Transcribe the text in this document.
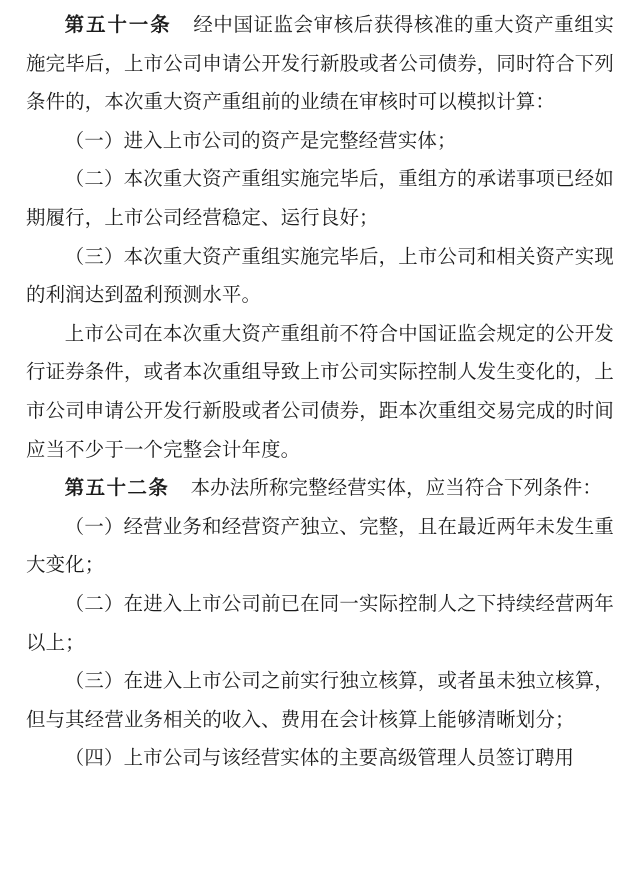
第五十一条 经中国证监会审核后获得核准的重大资产重组实施完毕后，上市公司申请公开发行新股或者公司债券，同时符合下列条件的，本次重大资产重组前的业绩在审核时可以模拟计算：

（一）进入上市公司的资产是完整经营实体；

（二）本次重大资产重组实施完毕后，重组方的承诺事项已经如期履行，上市公司经营稳定、运行良好；

（三）本次重大资产重组实施完毕后，上市公司和相关资产实现的利润达到盈利预测水平。

上市公司在本次重大资产重组前不符合中国证监会规定的公开发行证券条件，或者本次重组导致上市公司实际控制人发生变化的，上市公司申请公开发行新股或者公司债券，距本次重组交易完成的时间应当不少于一个完整会计年度。

第五十二条 本办法所称完整经营实体，应当符合下列条件：

（一）经营业务和经营资产独立、完整，且在最近两年未发生重大变化；

（二）在进入上市公司前已在同一实际控制人之下持续经营两年以上；

（三）在进入上市公司之前实行独立核算，或者虽未独立核算，但与其经营业务相关的收入、费用在会计核算上能够清晰划分；

（四）上市公司与该经营实体的主要高级管理人员签订聘用
